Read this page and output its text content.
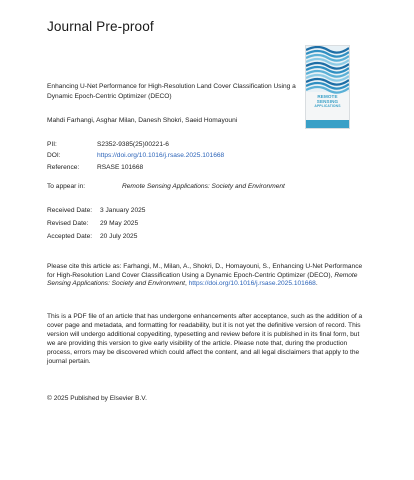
Journal Pre-proof
REMOTE
SENSING
APPLICATIONS
Enhancing U-Net Performance for High-Resolution Land Cover Classification Using a Dynamic Epoch-Centric Optimizer (DECO)
Mahdi Farhangi, Asghar Milan, Danesh Shokri, Saeid Homayouni
PII:	S2352-9385(25)00221-6
DOI:	https://doi.org/10.1016/j.rsase.2025.101668
Reference:	RSASE 101668
To appear in:	Remote Sensing Applications: Society and Environment
Received Date: 3 January 2025
Revised Date: 29 May 2025
Accepted Date: 20 July 2025
Please cite this article as: Farhangi, M., Milan, A., Shokri, D., Homayouni, S., Enhancing U-Net Performance for High-Resolution Land Cover Classification Using a Dynamic Epoch-Centric Optimizer (DECO), Remote Sensing Applications: Society and Environment, https://doi.org/10.1016/j.rsase.2025.101668.
This is a PDF file of an article that has undergone enhancements after acceptance, such as the addition of a cover page and metadata, and formatting for readability, but it is not yet the definitive version of record. This version will undergo additional copyediting, typesetting and review before it is published in its final form, but we are providing this version to give early visibility of the article. Please note that, during the production process, errors may be discovered which could affect the content, and all legal disclaimers that apply to the journal pertain.
© 2025 Published by Elsevier B.V.
